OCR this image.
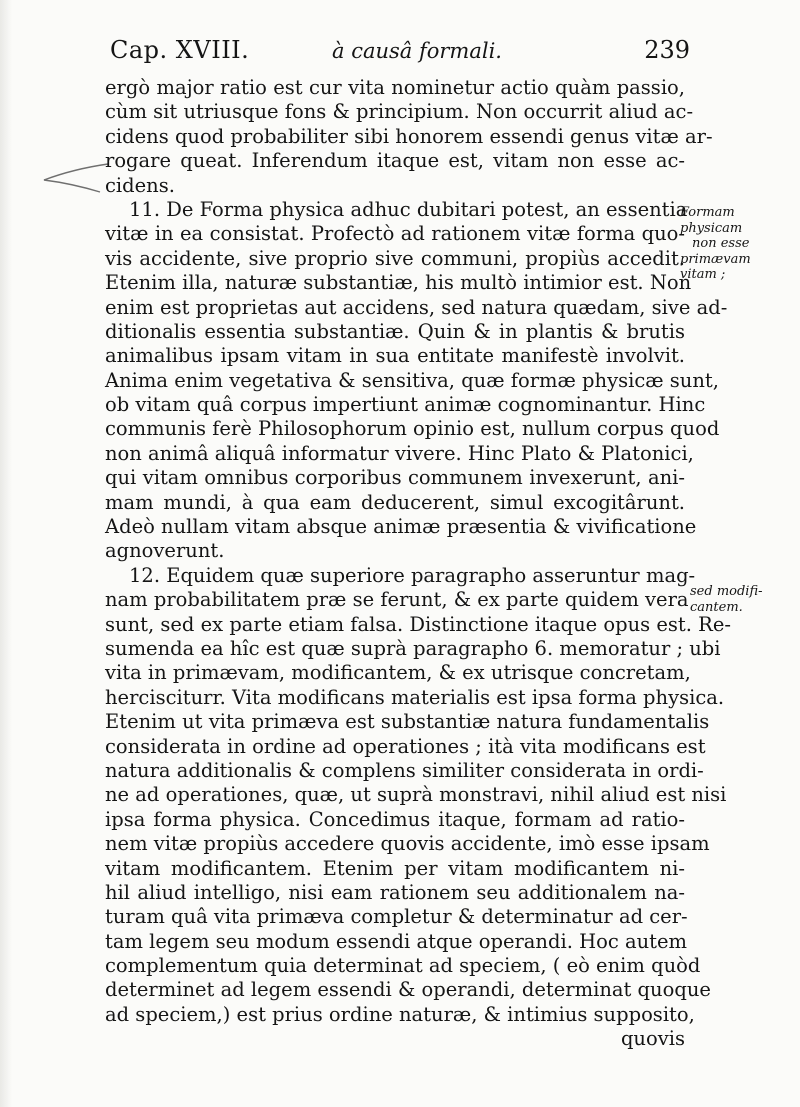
Cap. XVIII.	à causâ formali.	239
ergò major ratio est cur vita nominetur actio quàm passio,
cùm sit utriusque fons & principium. Non occurrit aliud ac-
cidens quod probabiliter sibi honorem essendi genus vitæ ar-
rogare queat. Inferendum itaque est, vitam non esse ac-
cidens.
11. De Forma physica adhuc dubitari potest, an essentia
vitæ in ea consistat. Profectò ad rationem vitæ forma quo-
vis accidente, sive proprio sive communi, propiùs accedit.
Etenim illa, naturæ substantiæ, his multò intimior est. Non
enim est proprietas aut accidens, sed natura quædam, sive ad-
ditionalis essentia substantiæ. Quin & in plantis & brutis
animalibus ipsam vitam in sua entitate manifestè involvit.
Anima enim vegetativa & sensitiva, quæ formæ physicæ sunt,
ob vitam quâ corpus impertiunt animæ cognominantur. Hinc
communis ferè Philosophorum opinio est, nullum corpus quod
non animâ aliquâ informatur vivere. Hinc Plato & Platonici,
qui vitam omnibus corporibus communem invexerunt, ani-
mam mundi, à qua eam deducerent, simul excogitârunt.
Adeò nullam vitam absque animæ præsentia & vivificatione
agnoverunt.
12. Equidem quæ superiore paragrapho asseruntur mag-
nam probabilitatem præ se ferunt, & ex parte quidem vera
sunt, sed ex parte etiam falsa. Distinctione itaque opus est. Re-
sumenda ea hîc est quæ suprà paragrapho 6. memoratur ; ubi
vita in primævam, modificantem, & ex utrisque concretam,
hercisciturr. Vita modificans materialis est ipsa forma physica.
Etenim ut vita primæva est substantiæ natura fundamentalis
considerata in ordine ad operationes ; ità vita modificans est
natura additionalis & complens similiter considerata in ordi-
ne ad operationes, quæ, ut suprà monstravi, nihil aliud est nisi
ipsa forma physica. Concedimus itaque, formam ad ratio-
nem vitæ propiùs accedere quovis accidente, imò esse ipsam
vitam modificantem. Etenim per vitam modificantem ni-
hil aliud intelligo, nisi eam rationem seu additionalem na-
turam quâ vita primæva completur & determinatur ad cer-
tam legem seu modum essendi atque operandi. Hoc autem
complementum quia determinat ad speciem, ( eò enim quòd
determinet ad legem essendi & operandi, determinat quoque
ad speciem,) est prius ordine naturæ, & intimius supposito,
quovis
Formam
physicam
non esse
primævam
vitam ;
sed modifi-
cantem.
